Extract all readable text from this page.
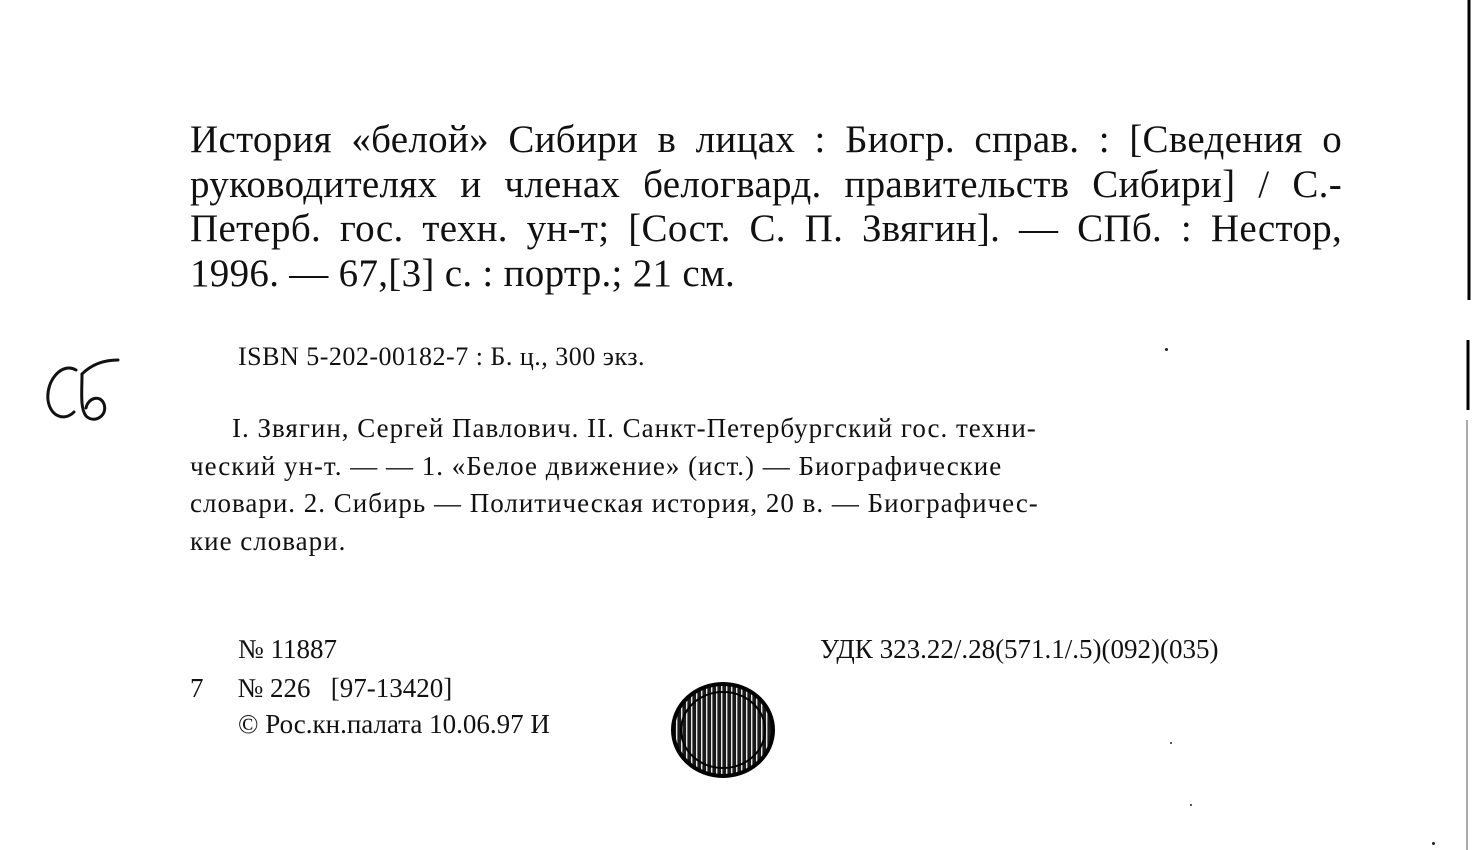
История «белой» Сибири в лицах : Биогр. справ. : [Сведения о руководителях и членах белогвард. правительств Сибири] / С.-Петерб. гос. техн. ун-т; [Сост. С. П. Звягин]. — СПб. : Нестор, 1996. — 67,[3] с. : портр.; 21 см.
ISBN 5-202-00182-7 : Б. ц., 300 экз.
I. Звягин, Сергей Павлович. II. Санкт-Петербургский гос. техни-
ческий ун-т. — — 1. «Белое движение» (ист.) — Биографические
словари. 2. Сибирь — Политическая история, 20 в. — Биографичес-
кие словари.
№ 11887	УДК 323.22/.28(571.1/.5)(092)(035)
7 № 226 [97-13420]
© Рос.кн.палата 10.06.97 И
